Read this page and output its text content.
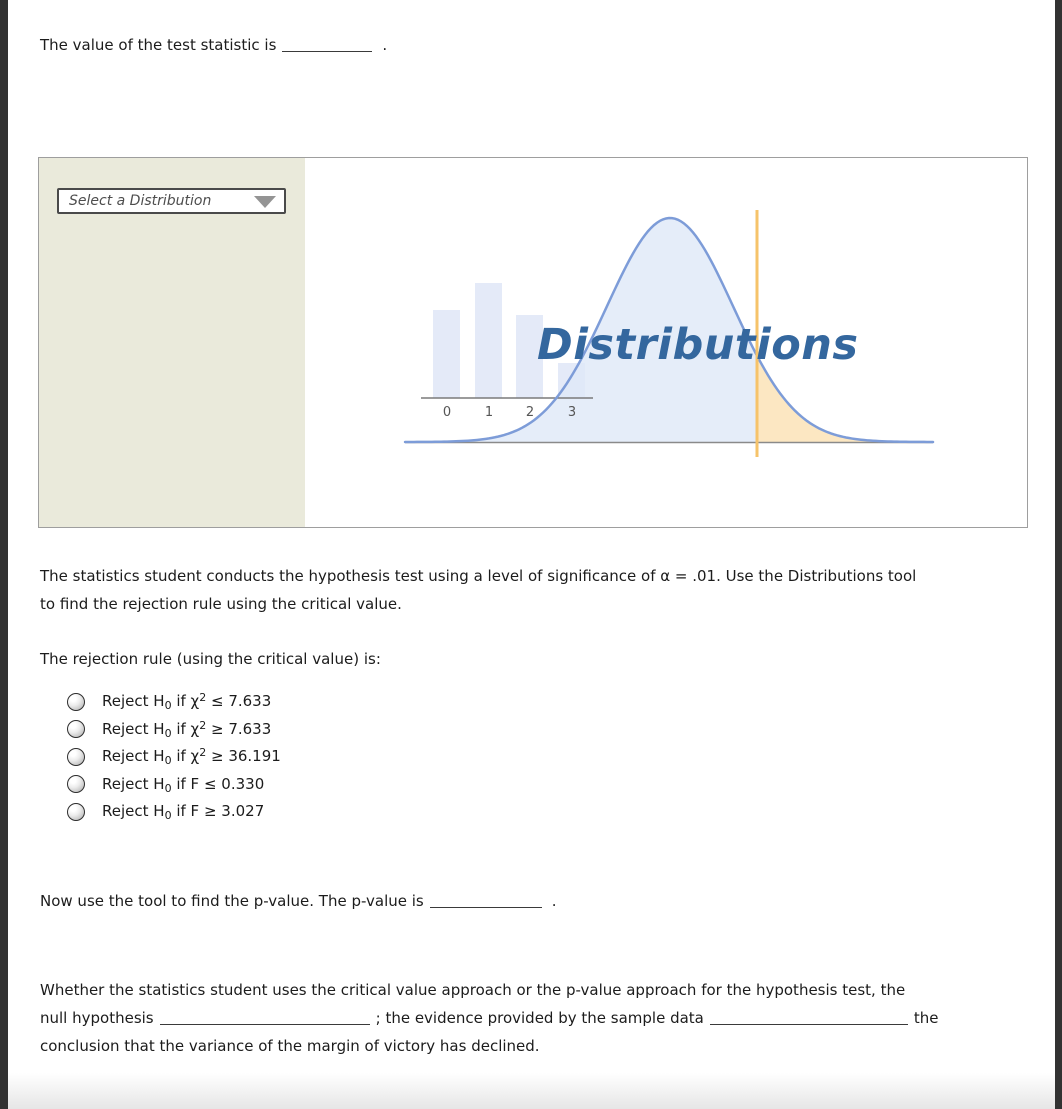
The value of the test statistic is	.
Select a Distribution
0	1	2	3
Distributions
The statistics student conducts the hypothesis test using a level of significance of α = .01. Use the Distributions tool
to find the rejection rule using the critical value.
The rejection rule (using the critical value) is:
Reject $H_0$ if $\chi^2 \le 7.633$
Reject $H_0$ if $\chi^2 \ge 7.633$
Reject $H_0$ if $\chi^2 \ge 36.191$
Reject $H_0$ if F ≤ 0.330
Reject $H_0$ if F ≥ 3.027
Now use the tool to find the p-value. The p-value is	.
Whether the statistics student uses the critical value approach or the p-value approach for the hypothesis test, the
null hypothesis	; the evidence provided by the sample data	the
conclusion that the variance of the margin of victory has declined.
